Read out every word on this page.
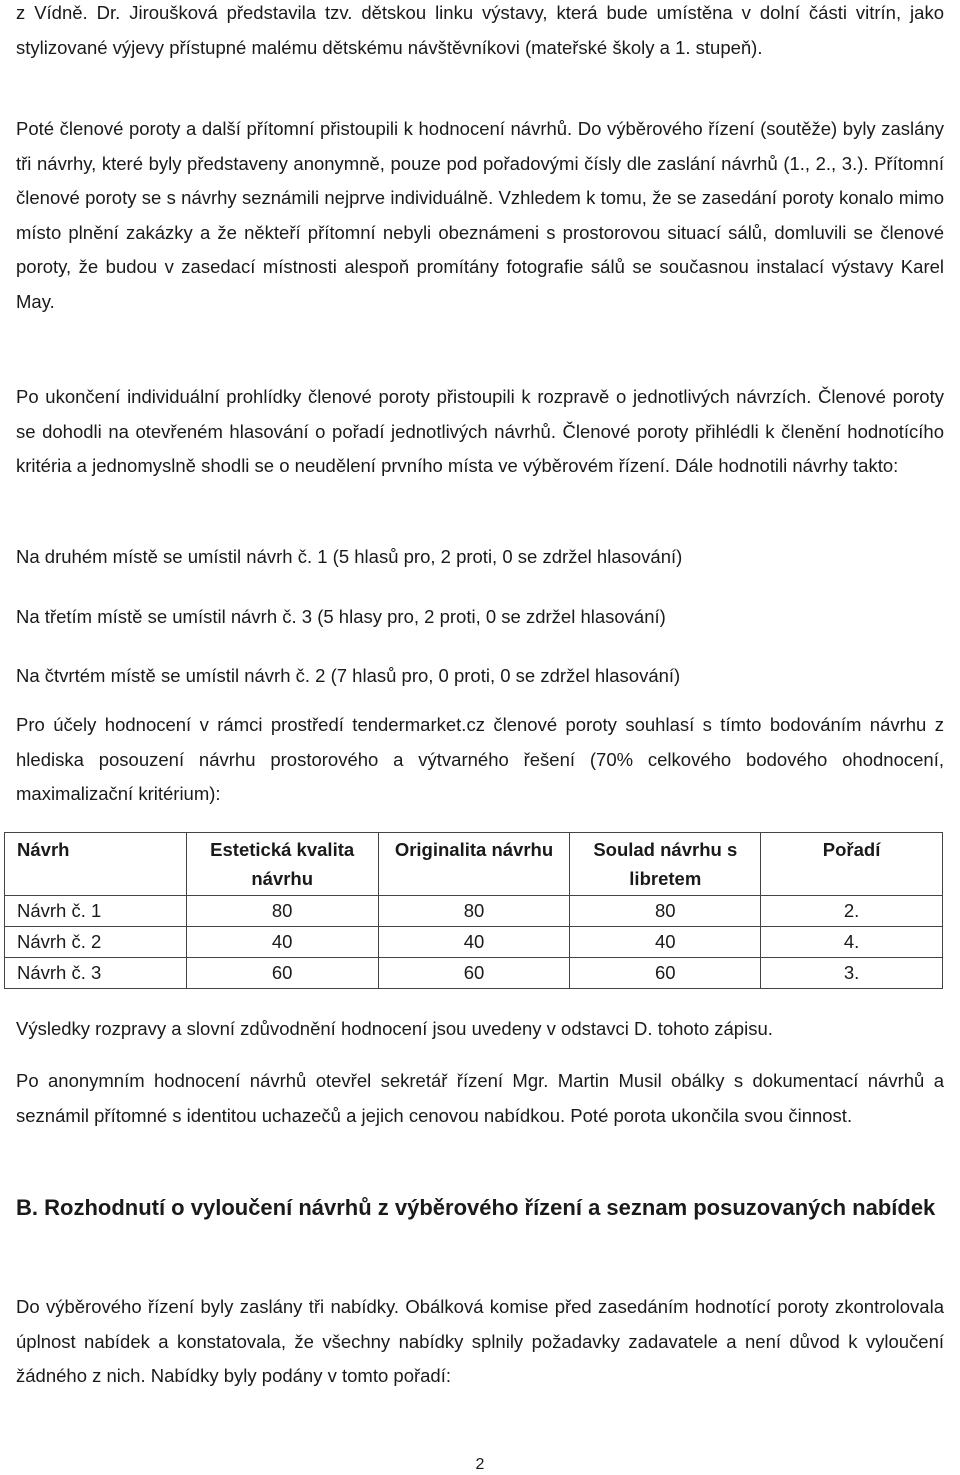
z Vídně. Dr. Jiroušková představila tzv. dětskou linku výstavy, která bude umístěna v dolní části vitrín, jako stylizované výjevy přístupné malému dětskému návštěvníkovi (mateřské školy a 1. stupeň).

Poté členové poroty a další přítomní přistoupili k hodnocení návrhů. Do výběrového řízení (soutěže) byly zaslány tři návrhy, které byly představeny anonymně, pouze pod pořadovými čísly dle zaslání návrhů (1., 2., 3.). Přítomní členové poroty se s návrhy seznámili nejprve individuálně. Vzhledem k tomu, že se zasedání poroty konalo mimo místo plnění zakázky a že někteří přítomní nebyli obeznámeni s prostorovou situací sálů, domluvili se členové poroty, že budou v zasedací místnosti alespoň promítány fotografie sálů se současnou instalací výstavy Karel May.

Po ukončení individuální prohlídky členové poroty přistoupili k rozpravě o jednotlivých návrzích. Členové poroty se dohodli na otevřeném hlasování o pořadí jednotlivých návrhů. Členové poroty přihlédli k členění hodnotícího kritéria a jednomyslně shodli se o neudělení prvního místa ve výběrovém řízení. Dále hodnotili návrhy takto:

Na druhém místě se umístil návrh č. 1 (5 hlasů pro, 2 proti, 0 se zdržel hlasování)

Na třetím místě se umístil návrh č. 3 (5 hlasy pro, 2 proti, 0 se zdržel hlasování)

Na čtvrtém místě se umístil návrh č. 2 (7 hlasů pro, 0 proti, 0 se zdržel hlasování)

Pro účely hodnocení v rámci prostředí tendermarket.cz členové poroty souhlasí s tímto bodováním návrhu z hlediska posouzení návrhu prostorového a výtvarného řešení (70% celkového bodového ohodnocení, maximalizační kritérium):

Návrh	Estetická kvalita návrhu	Originalita návrhu	Soulad návrhu s libretem	Pořadí
Návrh č. 1	80	80	80	2.
Návrh č. 2	40	40	40	4.
Návrh č. 3	60	60	60	3.

Výsledky rozpravy a slovní zdůvodnění hodnocení jsou uvedeny v odstavci D. tohoto zápisu.

Po anonymním hodnocení návrhů otevřel sekretář řízení Mgr. Martin Musil obálky s dokumentací návrhů a seznámil přítomné s identitou uchazečů a jejich cenovou nabídkou. Poté porota ukončila svou činnost.

B. Rozhodnutí o vyloučení návrhů z výběrového řízení a seznam posuzovaných nabídek

Do výběrového řízení byly zaslány tři nabídky. Obálková komise před zasedáním hodnotící poroty zkontrolovala úplnost nabídek a konstatovala, že všechny nabídky splnily požadavky zadavatele a není důvod k vyloučení žádného z nich. Nabídky byly podány v tomto pořadí:

2
